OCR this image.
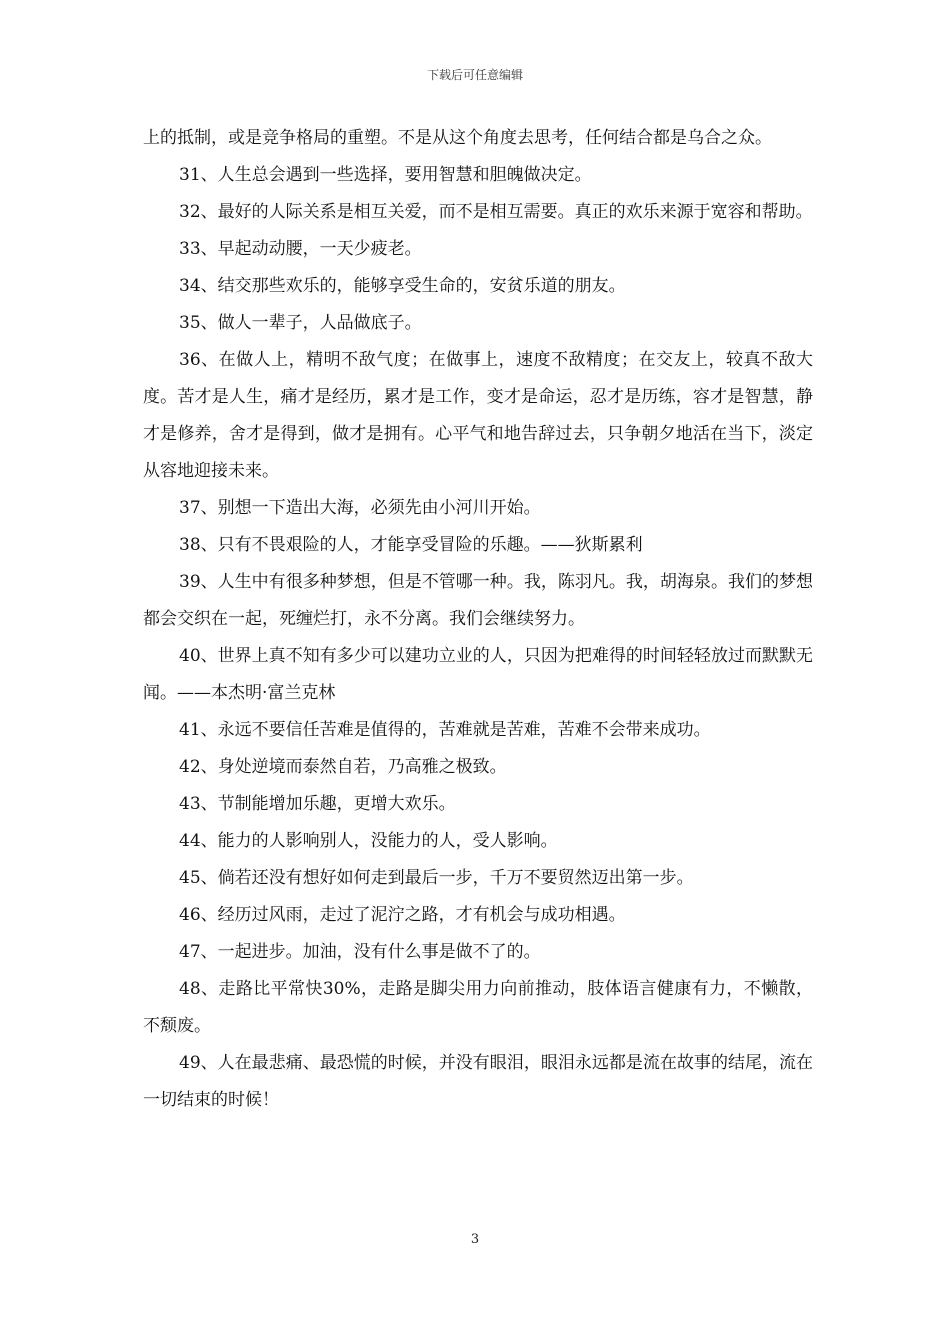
下载后可任意编辑

上的抵制，或是竞争格局的重塑。不是从这个角度去思考，任何结合都是乌合之众。

31、人生总会遇到一些选择，要用智慧和胆魄做决定。

32、最好的人际关系是相互关爱，而不是相互需要。真正的欢乐来源于宽容和帮助。

33、早起动动腰，一天少疲老。

34、结交那些欢乐的，能够享受生命的，安贫乐道的朋友。

35、做人一辈子，人品做底子。

36、在做人上，精明不敌气度；在做事上，速度不敌精度；在交友上，较真不敌大度。苦才是人生，痛才是经历，累才是工作，变才是命运，忍才是历练，容才是智慧，静才是修养，舍才是得到，做才是拥有。心平气和地告辞过去，只争朝夕地活在当下，淡定从容地迎接未来。

37、别想一下造出大海，必须先由小河川开始。

38、只有不畏艰险的人，才能享受冒险的乐趣。——狄斯累利

39、人生中有很多种梦想，但是不管哪一种。我，陈羽凡。我，胡海泉。我们的梦想都会交织在一起，死缠烂打，永不分离。我们会继续努力。

40、世界上真不知有多少可以建功立业的人，只因为把难得的时间轻轻放过而默默无闻。——本杰明·富兰克林

41、永远不要信任苦难是值得的，苦难就是苦难，苦难不会带来成功。

42、身处逆境而泰然自若，乃高雅之极致。

43、节制能增加乐趣，更增大欢乐。

44、能力的人影响别人，没能力的人，受人影响。

45、倘若还没有想好如何走到最后一步，千万不要贸然迈出第一步。

46、经历过风雨，走过了泥泞之路，才有机会与成功相遇。

47、一起进步。加油，没有什么事是做不了的。

48、走路比平常快30%，走路是脚尖用力向前推动，肢体语言健康有力，不懒散，不颓废。

49、人在最悲痛、最恐慌的时候，并没有眼泪，眼泪永远都是流在故事的结尾，流在一切结束的时候！

3
